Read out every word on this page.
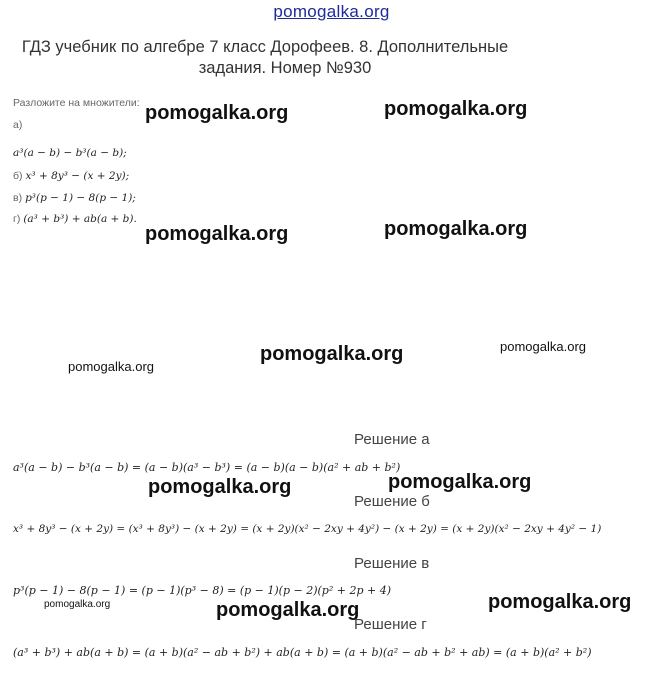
pomogalka.org
ГДЗ учебник по алгебре 7 класс Дорофеев. 8. Дополнительные
задания. Номер №930
Разложите на множители:
а)
a³(a − b) − b³(a − b);
б) x³ + 8y³ − (x + 2y);
в) p³(p − 1) − 8(p − 1);
г) (a³ + b³) + ab(a + b).
pomogalka.org	pomogalka.org
pomogalka.org	pomogalka.org
pomogalka.org
pomogalka.org
pomogalka.org
pomogalka.org	pomogalka.org
pomogalka.org	pomogalka.org	pomogalka.org
Решение а
a³(a − b) − b³(a − b) = (a − b)(a³ − b³) = (a − b)(a − b)(a² + ab + b²)
Решение б
x³ + 8y³ − (x + 2y) = (x³ + 8y³) − (x + 2y) = (x + 2y)(x² − 2xy + 4y²) − (x + 2y) = (x + 2y)(x² − 2xy + 4y² − 1)
Решение в
p³(p − 1) − 8(p − 1) = (p − 1)(p³ − 8) = (p − 1)(p − 2)(p² + 2p + 4)
Решение г
(a³ + b³) + ab(a + b) = (a + b)(a² − ab + b²) + ab(a + b) = (a + b)(a² − ab + b² + ab) = (a + b)(a² + b²)
